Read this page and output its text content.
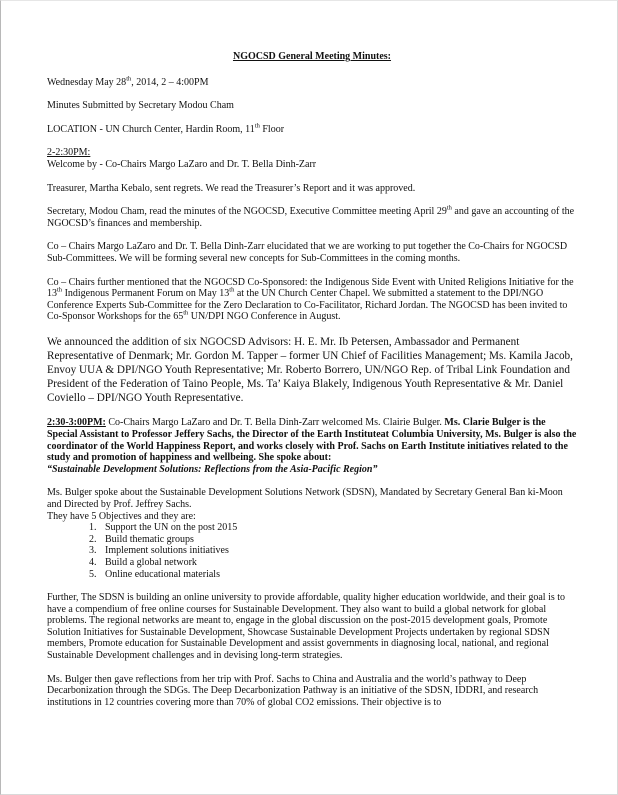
NGOCSD General Meeting Minutes:

Wednesday May 28th, 2014, 2 – 4:00PM

Minutes Submitted by Secretary Modou Cham

LOCATION - UN Church Center, Hardin Room, 11th Floor

2-2:30PM:
Welcome by - Co-Chairs Margo LaZaro and Dr. T. Bella Dinh-Zarr

Treasurer, Martha Kebalo, sent regrets. We read the Treasurer’s Report and it was approved.

Secretary, Modou Cham, read the minutes of the NGOCSD, Executive Committee meeting April 29th and gave an accounting of the NGOCSD’s finances and membership.

Co – Chairs Margo LaZaro and Dr. T. Bella Dinh-Zarr elucidated that we are working to put together the Co-Chairs for NGOCSD Sub-Committees. We will be forming several new concepts for Sub-Committees in the coming months.

Co – Chairs further mentioned that the NGOCSD Co-Sponsored: the Indigenous Side Event with United Religions Initiative for the 13th Indigenous Permanent Forum on May 13th at the UN Church Center Chapel. We submitted a statement to the DPI/NGO Conference Experts Sub-Committee for the Zero Declaration to Co-Facilitator, Richard Jordan. The NGOCSD has been invited to Co-Sponsor Workshops for the 65th UN/DPI NGO Conference in August.

We announced the addition of six NGOCSD Advisors: H. E. Mr. Ib Petersen, Ambassador and Permanent Representative of Denmark; Mr. Gordon M. Tapper – former UN Chief of Facilities Management; Ms. Kamila Jacob, Envoy UUA & DPI/NGO Youth Representative; Mr. Roberto Borrero, UN/NGO Rep. of Tribal Link Foundation and President of the Federation of Taino People, Ms. Ta’ Kaiya Blakely, Indigenous Youth Representative & Mr. Daniel Coviello – DPI/NGO Youth Representative.

2:30-3:00PM: Co-Chairs Margo LaZaro and Dr. T. Bella Dinh-Zarr welcomed Ms. Clairie Bulger. Ms. Clarie Bulger is the Special Assistant to Professor Jeffery Sachs, the Director of the Earth Instituteat Columbia University, Ms. Bulger is also the coordinator of the World Happiness Report, and works closely with Prof. Sachs on Earth Institute initiatives related to the study and promotion of happiness and wellbeing. She spoke about:
“Sustainable Development Solutions: Reflections from the Asia-Pacific Region”

Ms. Bulger spoke about the Sustainable Development Solutions Network (SDSN), Mandated by Secretary General Ban ki-Moon and Directed by Prof. Jeffrey Sachs.

They have 5 Objectives and they are:

1. Support the UN on the post 2015
2. Build thematic groups
3. Implement solutions initiatives
4. Build a global network
5. Online educational materials

Further, The SDSN is building an online university to provide affordable, quality higher education worldwide, and their goal is to have a compendium of free online courses for Sustainable Development. They also want to build a global network for global problems. The regional networks are meant to, engage in the global discussion on the post-2015 development goals, Promote Solution Initiatives for Sustainable Development, Showcase Sustainable Development Projects undertaken by regional SDSN members, Promote education for Sustainable Development and assist governments in diagnosing local, national, and regional Sustainable Development challenges and in devising long-term strategies.

Ms. Bulger then gave reflections from her trip with Prof. Sachs to China and Australia and the world’s pathway to Deep Decarbonization through the SDGs. The Deep Decarbonization Pathway is an initiative of the SDSN, IDDRI, and research institutions in 12 countries covering more than 70% of global CO2 emissions. Their objective is to
